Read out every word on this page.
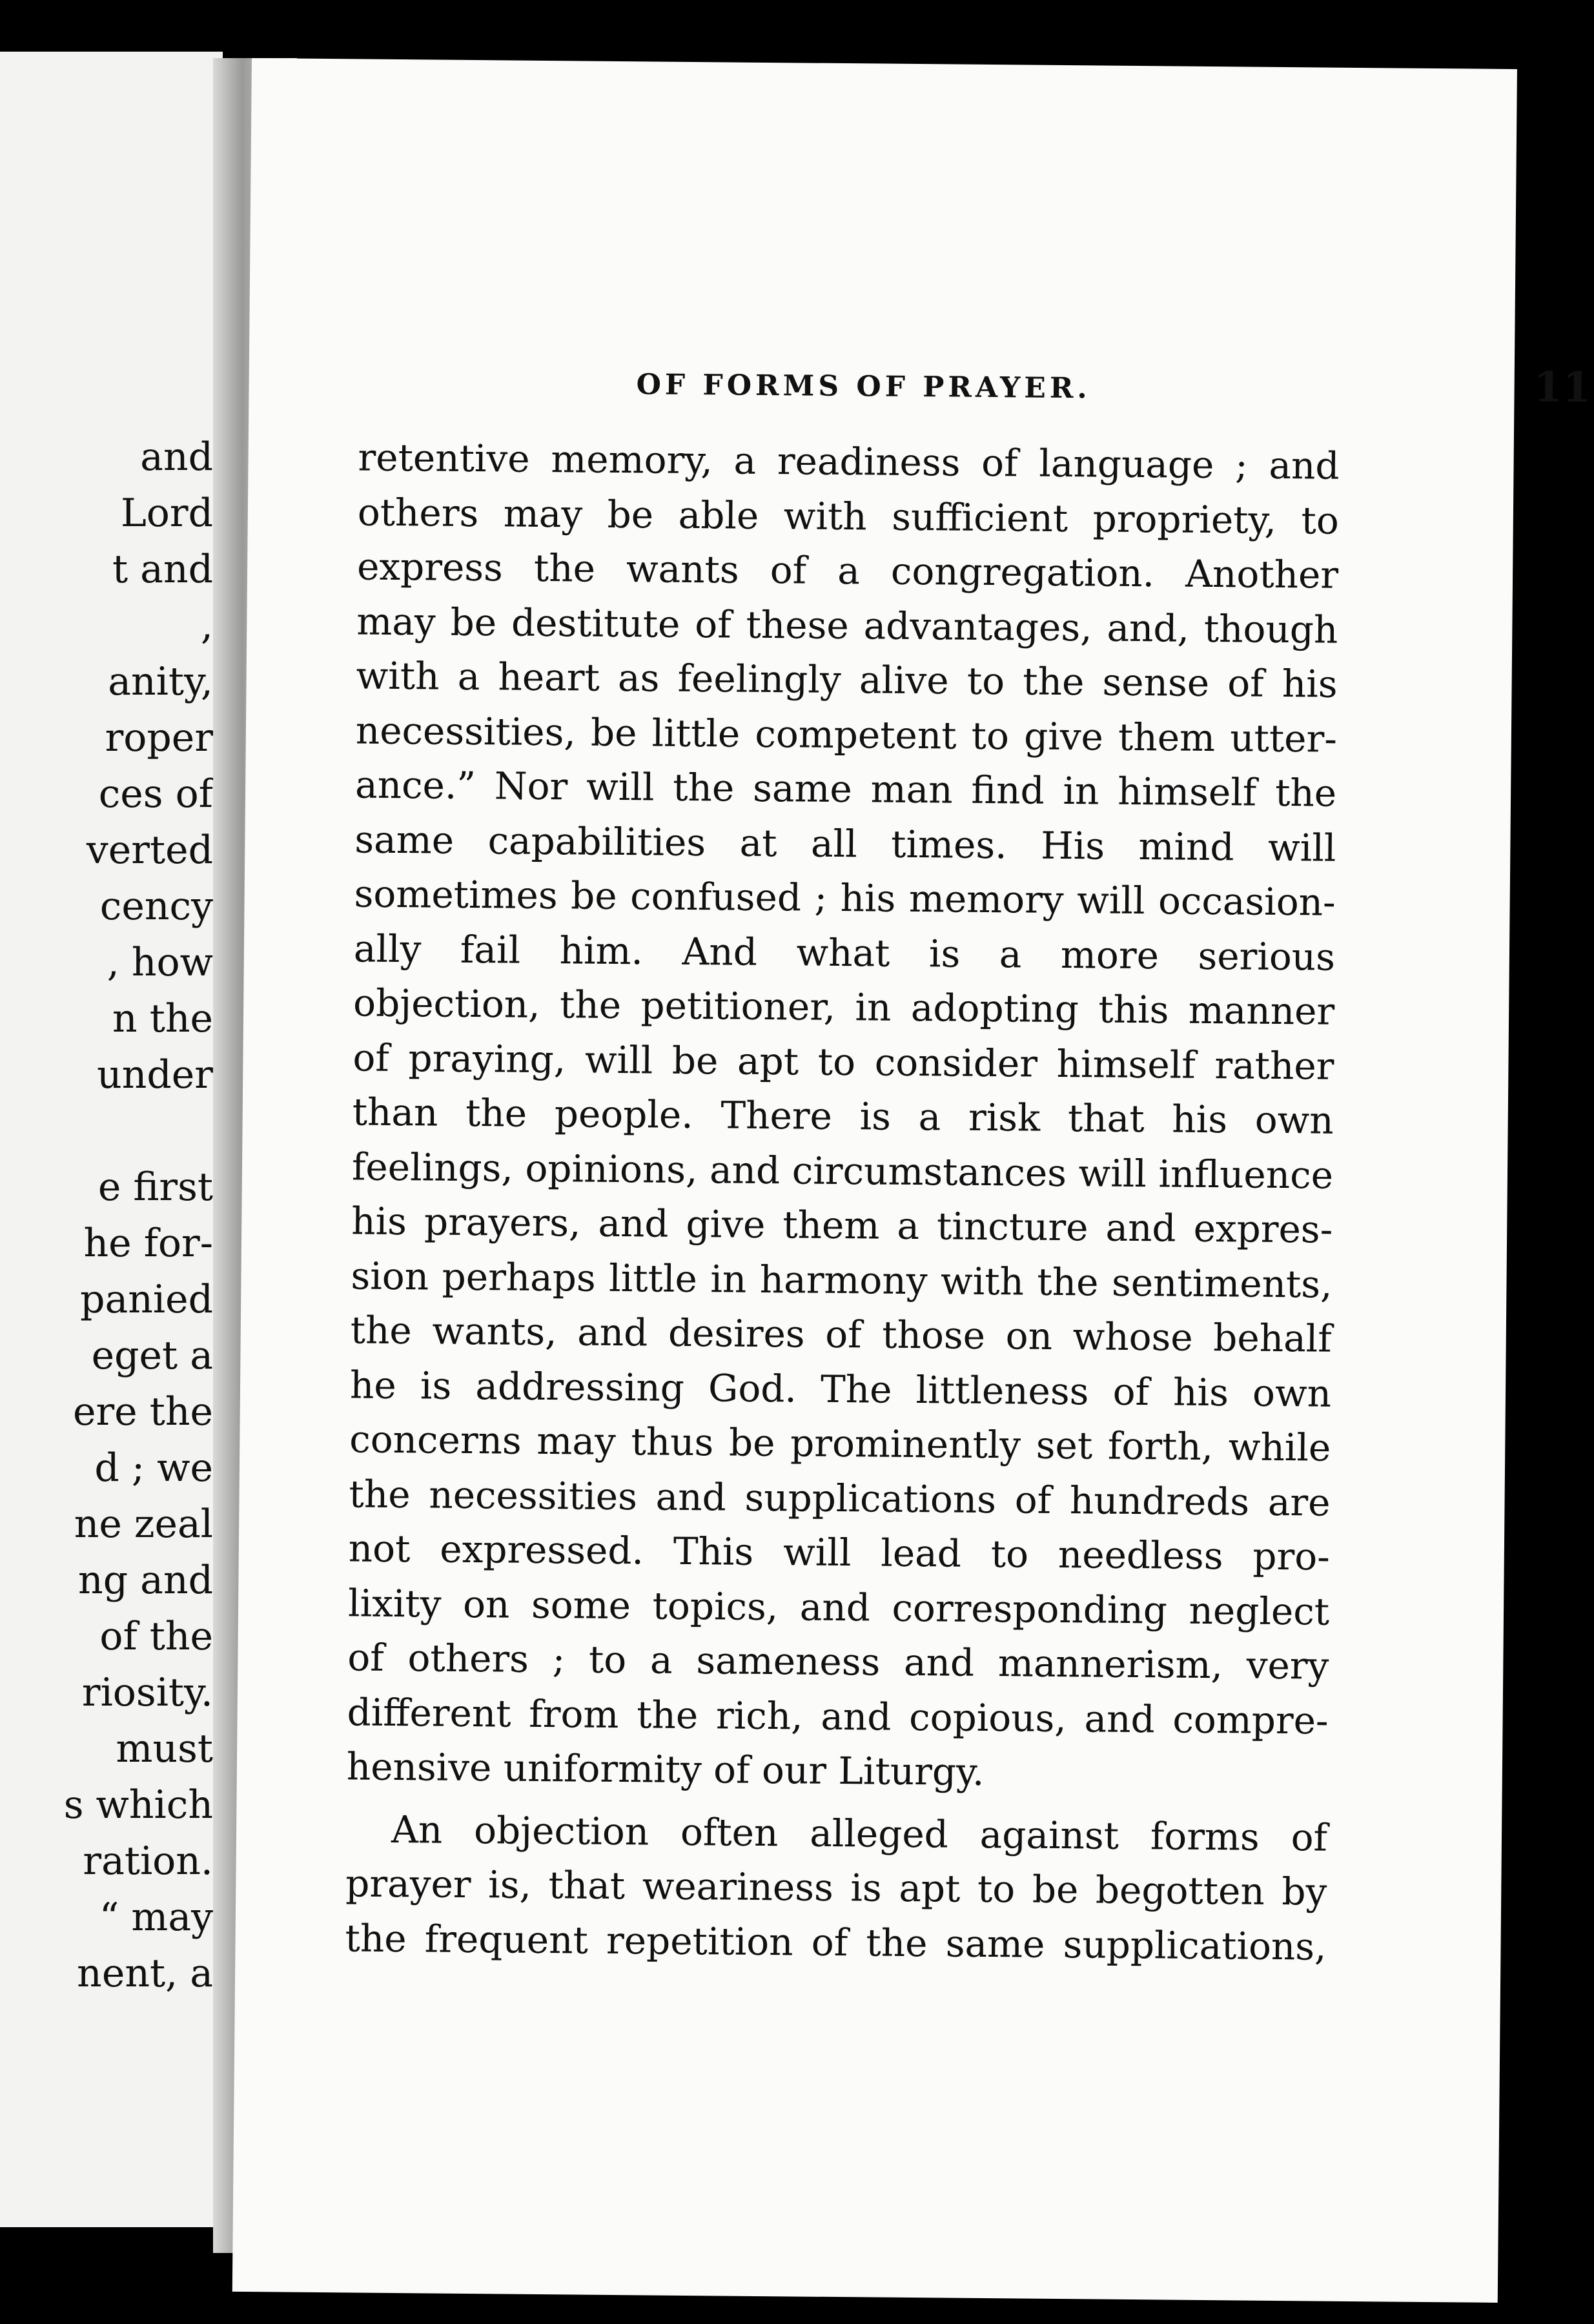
and
Lord
t and
,
anity,
roper
ces of
verted
cency
, how
n the
under
e first
he for-
panied
eget a
ere the
d ; we
ne zeal
ng and
of the
riosity.
must
s which
ration.
“ may
nent, a
OF FORMS OF PRAYER.	11
retentive memory, a readiness of language ; and
others may be able with sufficient propriety, to
express the wants of a congregation. Another
may be destitute of these advantages, and, though
with a heart as feelingly alive to the sense of his
necessities, be little competent to give them utter-
ance.” Nor will the same man find in himself the
same capabilities at all times. His mind will
sometimes be confused ; his memory will occasion-
ally fail him. And what is a more serious
objection, the petitioner, in adopting this manner
of praying, will be apt to consider himself rather
than the people. There is a risk that his own
feelings, opinions, and circumstances will influence
his prayers, and give them a tincture and expres-
sion perhaps little in harmony with the sentiments,
the wants, and desires of those on whose behalf
he is addressing God. The littleness of his own
concerns may thus be prominently set forth, while
the necessities and supplications of hundreds are
not expressed. This will lead to needless pro-
lixity on some topics, and corresponding neglect
of others ; to a sameness and mannerism, very
different from the rich, and copious, and compre-
hensive uniformity of our Liturgy.
An objection often alleged against forms of
prayer is, that weariness is apt to be begotten by
the frequent repetition of the same supplications,
